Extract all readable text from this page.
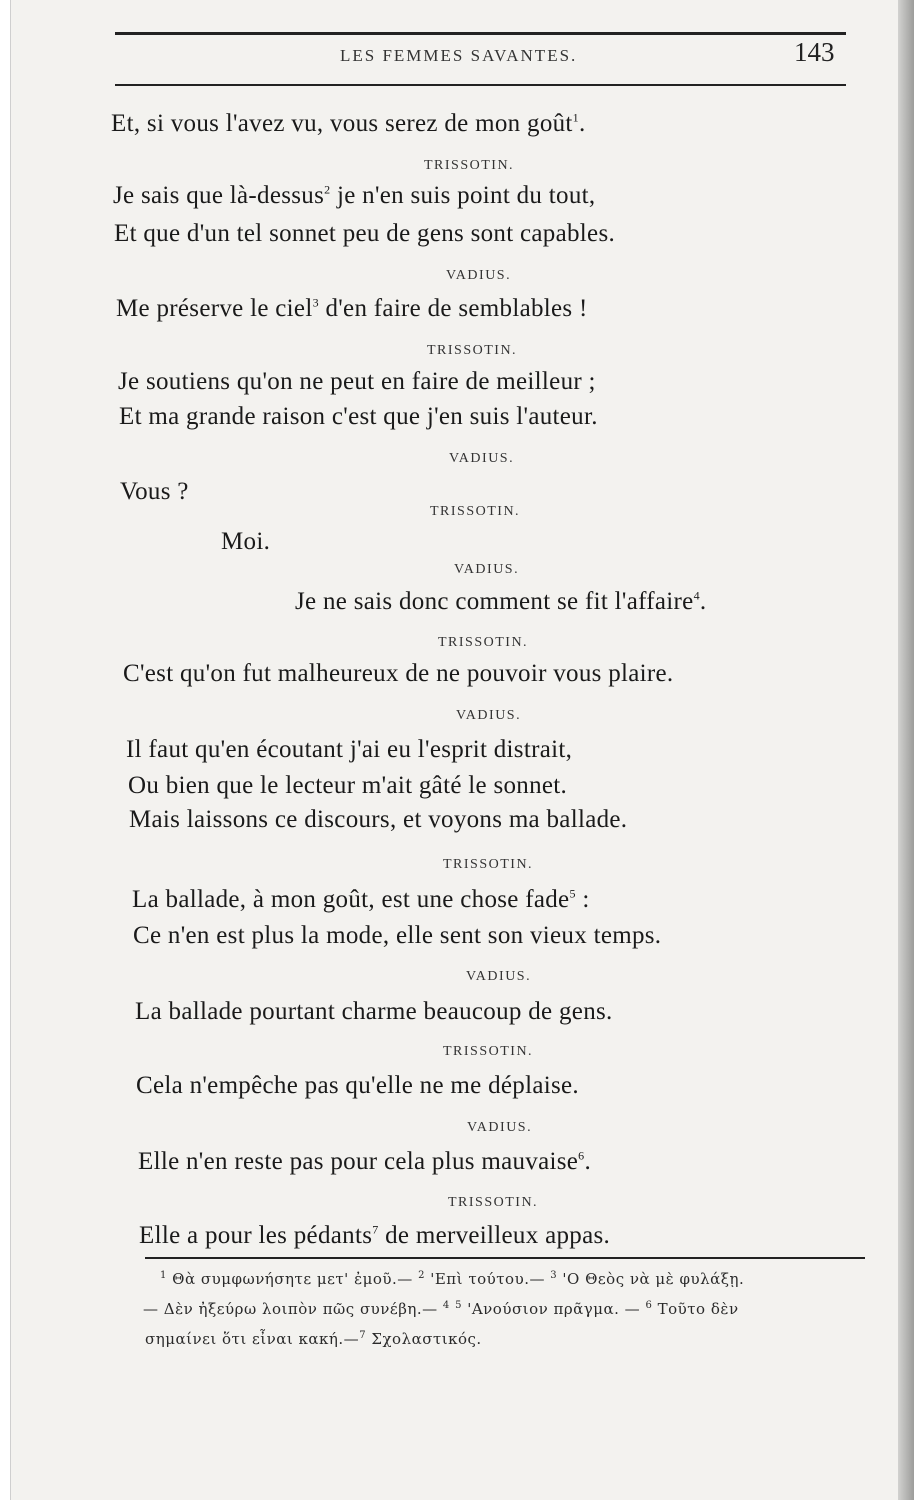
LES FEMMES SAVANTES.	143
Et, si vous l'avez vu, vous serez de mon goût$^1$.
TRISSOTIN.
Je sais que là-dessus$^2$ je n'en suis point du tout,
Et que d'un tel sonnet peu de gens sont capables.
VADIUS.
Me préserve le ciel$^3$ d'en faire de semblables !
TRISSOTIN.
Je soutiens qu'on ne peut en faire de meilleur ;
Et ma grande raison c'est que j'en suis l'auteur.
VADIUS.
Vous ?
TRISSOTIN.
Moi.
VADIUS.
Je ne sais donc comment se fit l'affaire$^4$.
TRISSOTIN.
C'est qu'on fut malheureux de ne pouvoir vous plaire.
VADIUS.
Il faut qu'en écoutant j'ai eu l'esprit distrait,
Ou bien que le lecteur m'ait gâté le sonnet.
Mais laissons ce discours, et voyons ma ballade.
TRISSOTIN.
La ballade, à mon goût, est une chose fade$^5$ :
Ce n'en est plus la mode, elle sent son vieux temps.
VADIUS.
La ballade pourtant charme beaucoup de gens.
TRISSOTIN.
Cela n'empêche pas qu'elle ne me déplaise.
VADIUS.
Elle n'en reste pas pour cela plus mauvaise$^6$.
TRISSOTIN.
Elle a pour les pédants$^7$ de merveilleux appas.
$^1$ Θὰ συμφωνήσητε μετ' ἐμοῦ.— $^2$ 'Επὶ τούτου.— $^3$ 'Ο Θεὸς νὰ μὲ φυλάξῃ.
— Δὲν ἠξεύρω λοιπὸν πῶς συνέβη.— $^4$ $^5$ 'Ανούσιον πρᾶγμα. — $^6$ Τοῦτο δὲν
σημαίνει ὅτι εἶναι κακή.—$^7$ Σχολαστικός.
